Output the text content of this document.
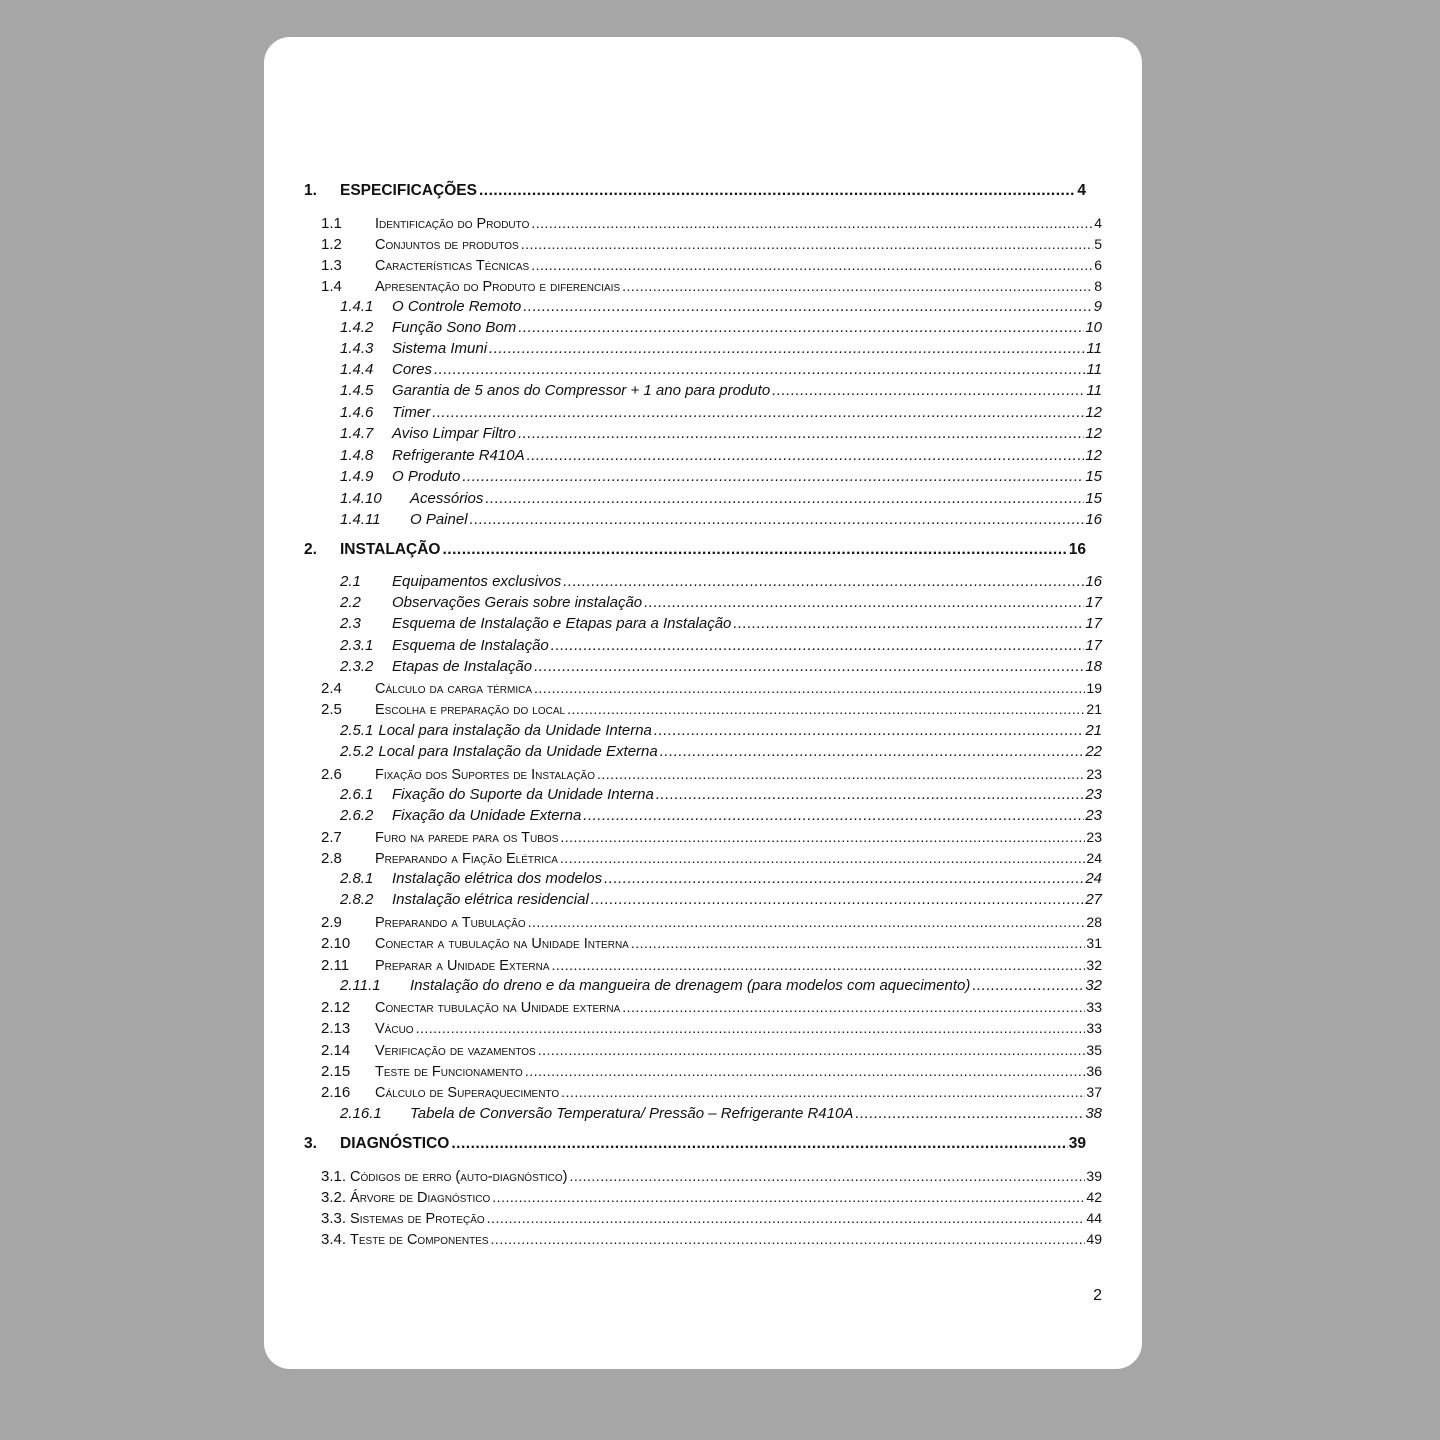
1.	ESPECIFICAÇÕES .....	4
1.1	Identificação do Produto .....	4
1.2	Conjuntos de produtos .....	5
1.3	Características Técnicas .....	6
1.4	Apresentação do Produto e diferenciais .....	8
1.4.1	O Controle Remoto .....	9
1.4.2	Função Sono Bom .....	10
1.4.3	Sistema Imuni .....	11
1.4.4	Cores .....	11
1.4.5	Garantia de 5 anos do Compressor + 1 ano para produto .....	11
1.4.6	Timer .....	12
1.4.7	Aviso Limpar Filtro .....	12
1.4.8	Refrigerante R410A .....	12
1.4.9	O Produto .....	15
1.4.10	Acessórios .....	15
1.4.11	O Painel .....	16
2.	INSTALAÇÃO .....	16
2.1	Equipamentos exclusivos .....	16
2.2	Observações Gerais sobre instalação .....	17
2.3	Esquema de Instalação e Etapas para a Instalação .....	17
2.3.1	Esquema de Instalação .....	17
2.3.2	Etapas de Instalação .....	18
2.4	Cálculo da carga térmica .....	19
2.5	Escolha e preparação do local .....	21
2.5.1 Local para instalação da Unidade Interna .....	21
2.5.2 Local para Instalação da Unidade Externa .....	22
2.6	Fixação dos Suportes de Instalação .....	23
2.6.1	Fixação do Suporte da Unidade Interna .....	23
2.6.2	Fixação da Unidade Externa .....	23
2.7	Furo na parede para os Tubos .....	23
2.8	Preparando a Fiação Elétrica .....	24
2.8.1	Instalação elétrica dos modelos .....	24
2.8.2	Instalação elétrica residencial .....	27
2.9	Preparando a Tubulação .....	28
2.10	Conectar a tubulação na Unidade Interna .....	31
2.11	Preparar a Unidade Externa .....	32
2.11.1	Instalação do dreno e da mangueira de drenagem (para modelos com aquecimento) .....	32
2.12	Conectar tubulação na Unidade externa .....	33
2.13	Vácuo .....	33
2.14	Verificação de vazamentos .....	35
2.15	Teste de Funcionamento .....	36
2.16	Cálculo de Superaquecimento .....	37
2.16.1	Tabela de Conversão Temperatura/ Pressão – Refrigerante R410A .....	38
3.	DIAGNÓSTICO .....	39
3.1. Códigos de erro (auto-diagnóstico) .....	39
3.2. Árvore de Diagnóstico .....	42
3.3. Sistemas de Proteção .....	44
3.4. Teste de Componentes .....	49
2
